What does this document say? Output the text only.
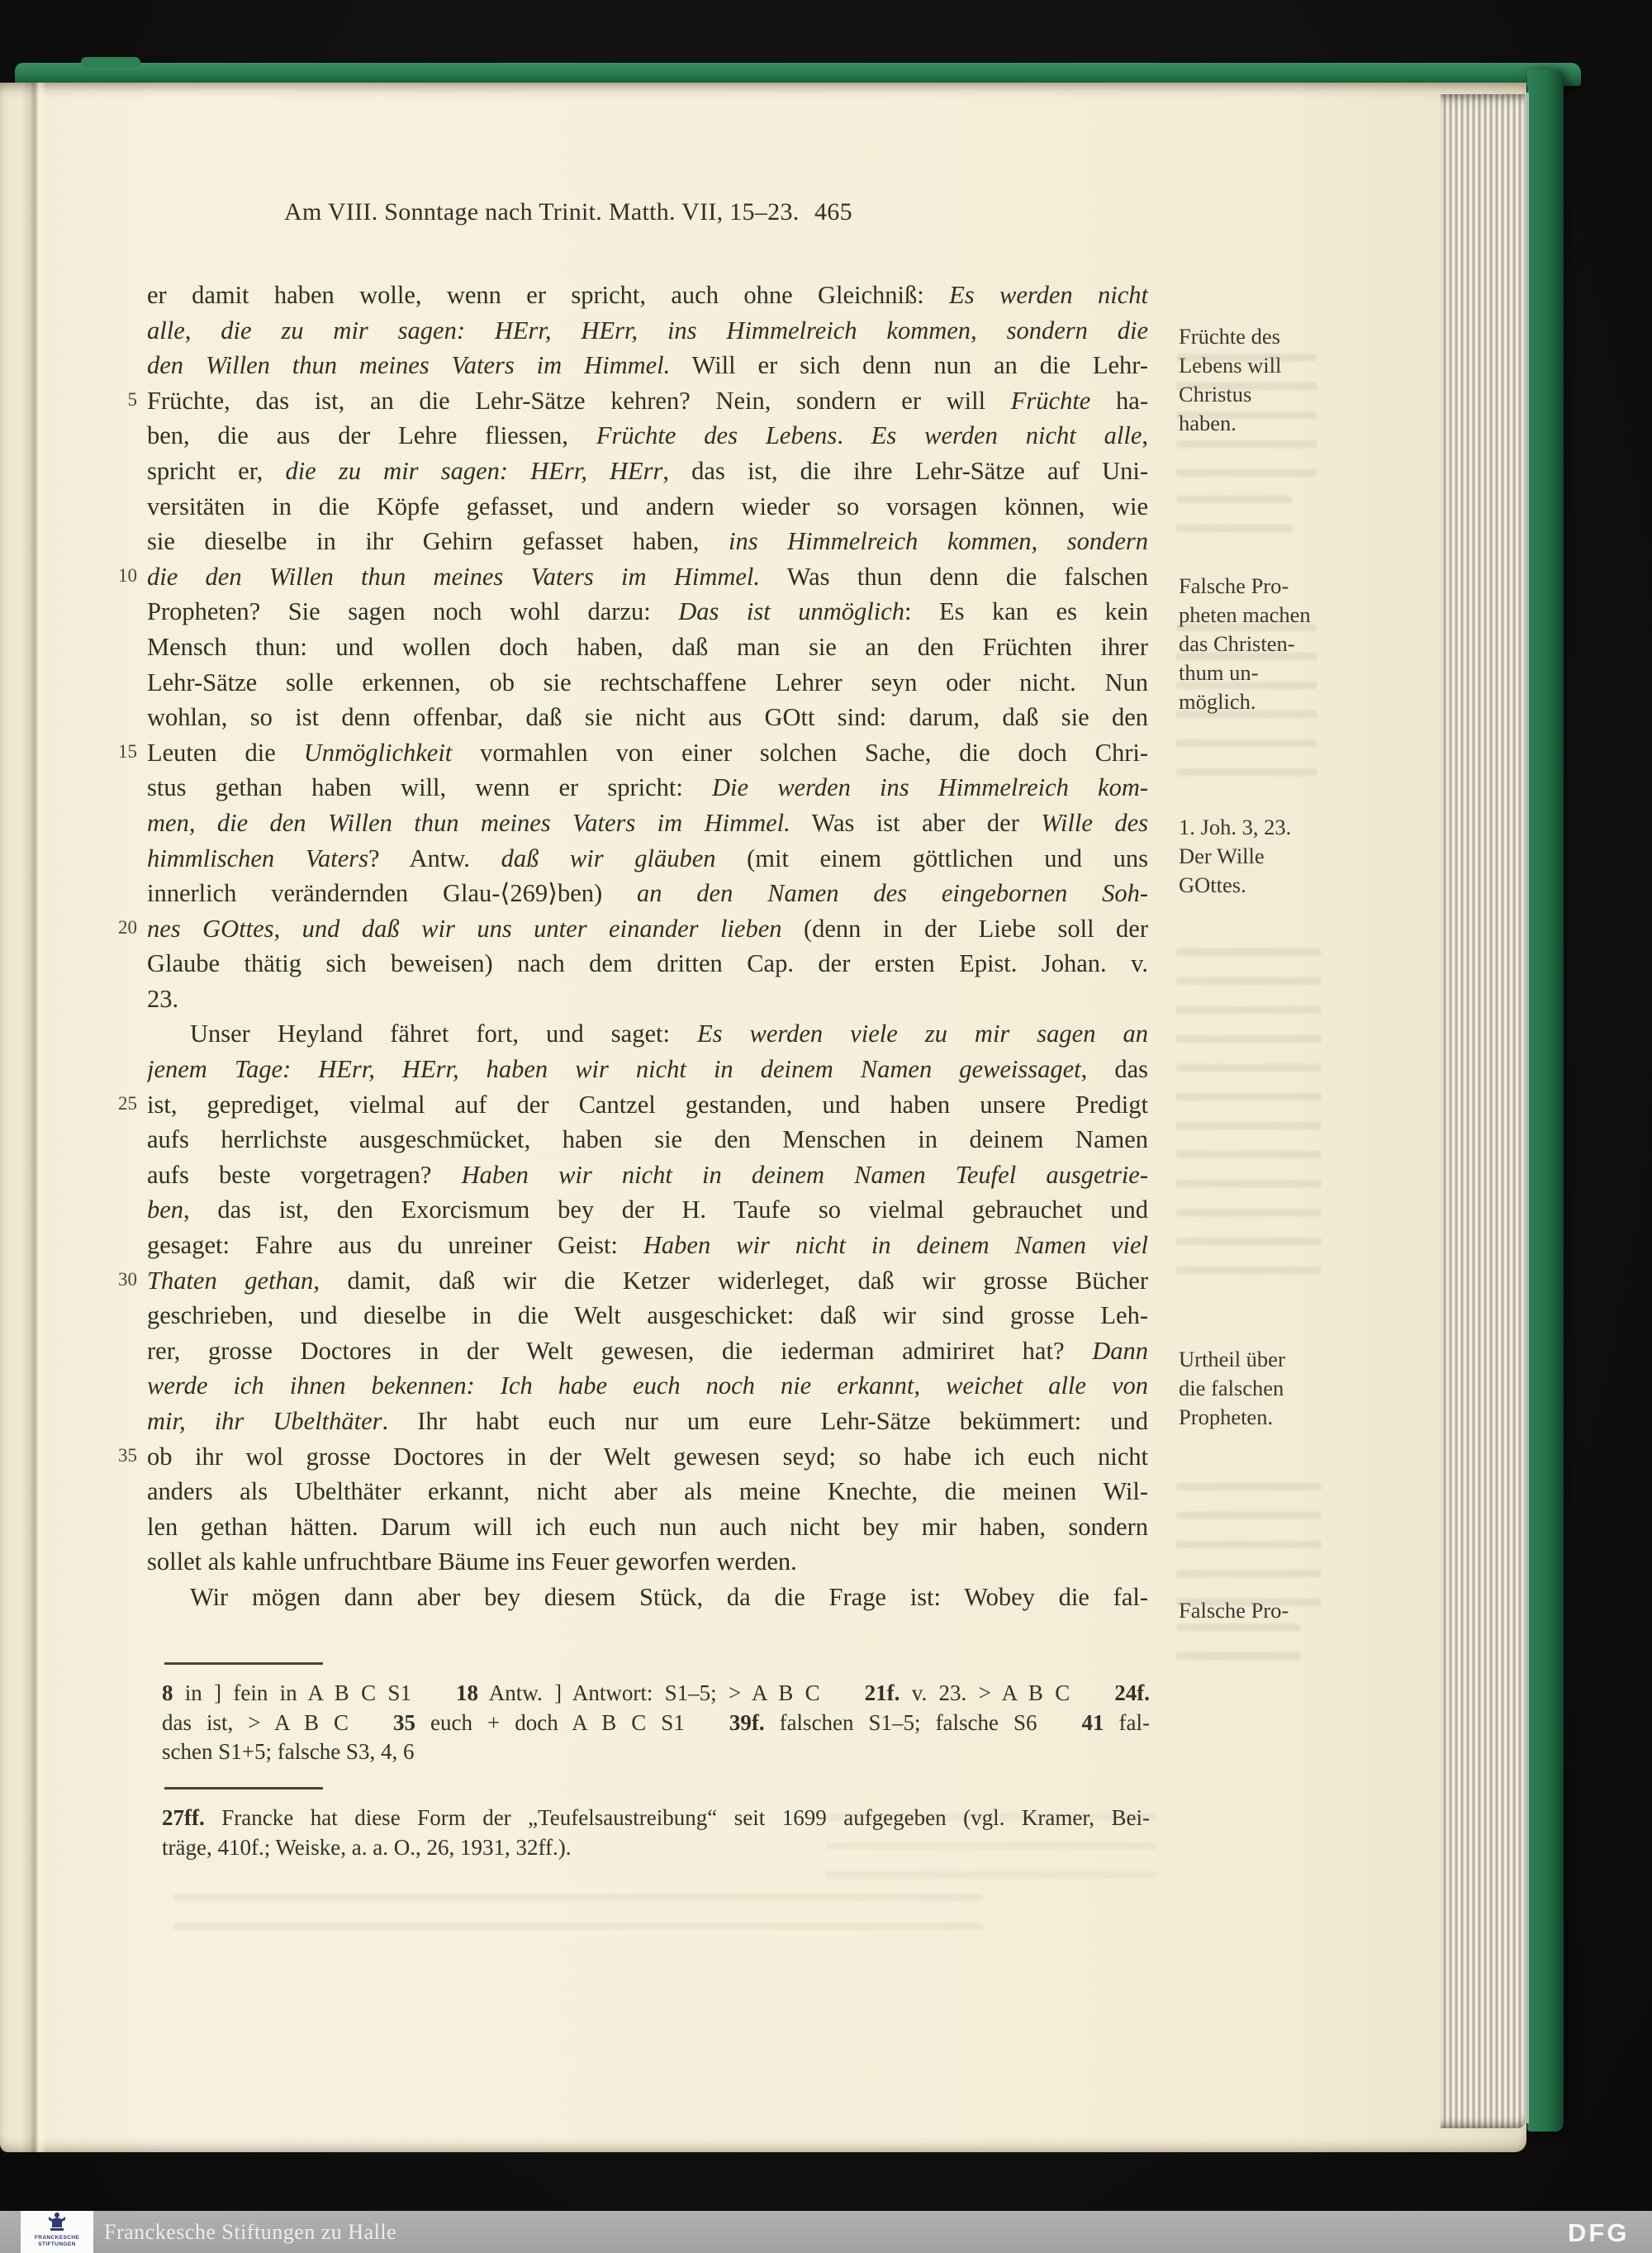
Am VIII. Sonntage nach Trinit. Matth. VII, 15–23. 465
5
10
15
20
25
30
35
er damit haben wolle, wenn er spricht, auch ohne Gleichniß: Es werden nicht
alle, die zu mir sagen: HErr, HErr, ins Himmelreich kommen, sondern die
den Willen thun meines Vaters im Himmel. Will er sich denn nun an die Lehr-
Früchte, das ist, an die Lehr-Sätze kehren? Nein, sondern er will Früchte ha-
ben, die aus der Lehre fliessen, Früchte des Lebens. Es werden nicht alle,
spricht er, die zu mir sagen: HErr, HErr, das ist, die ihre Lehr-Sätze auf Uni-
versitäten in die Köpfe gefasset, und andern wieder so vorsagen können, wie
sie dieselbe in ihr Gehirn gefasset haben, ins Himmelreich kommen, sondern
die den Willen thun meines Vaters im Himmel. Was thun denn die falschen
Propheten? Sie sagen noch wohl darzu: Das ist unmöglich: Es kan es kein
Mensch thun: und wollen doch haben, daß man sie an den Früchten ihrer
Lehr-Sätze solle erkennen, ob sie rechtschaffene Lehrer seyn oder nicht. Nun
wohlan, so ist denn offenbar, daß sie nicht aus GOtt sind: darum, daß sie den
Leuten die Unmöglichkeit vormahlen von einer solchen Sache, die doch Chri-
stus gethan haben will, wenn er spricht: Die werden ins Himmelreich kom-
men, die den Willen thun meines Vaters im Himmel. Was ist aber der Wille des
himmlischen Vaters? Antw. daß wir gläuben (mit einem göttlichen und uns
innerlich verändernden Glau-⟨269⟩ben) an den Namen des eingebornen Soh-
nes GOttes, und daß wir uns unter einander lieben (denn in der Liebe soll der
Glaube thätig sich beweisen) nach dem dritten Cap. der ersten Epist. Johan. v.
23.
Unser Heyland fähret fort, und saget: Es werden viele zu mir sagen an
jenem Tage: HErr, HErr, haben wir nicht in deinem Namen geweissaget, das
ist, geprediget, vielmal auf der Cantzel gestanden, und haben unsere Predigt
aufs herrlichste ausgeschmücket, haben sie den Menschen in deinem Namen
aufs beste vorgetragen? Haben wir nicht in deinem Namen Teufel ausgetrie-
ben, das ist, den Exorcismum bey der H. Taufe so vielmal gebrauchet und
gesaget: Fahre aus du unreiner Geist: Haben wir nicht in deinem Namen viel
Thaten gethan, damit, daß wir die Ketzer widerleget, daß wir grosse Bücher
geschrieben, und dieselbe in die Welt ausgeschicket: daß wir sind grosse Leh-
rer, grosse Doctores in der Welt gewesen, die iederman admiriret hat? Dann
werde ich ihnen bekennen: Ich habe euch noch nie erkannt, weichet alle von
mir, ihr Ubelthäter. Ihr habt euch nur um eure Lehr-Sätze bekümmert: und
ob ihr wol grosse Doctores in der Welt gewesen seyd; so habe ich euch nicht
anders als Ubelthäter erkannt, nicht aber als meine Knechte, die meinen Wil-
len gethan hätten. Darum will ich euch nun auch nicht bey mir haben, sondern
sollet als kahle unfruchtbare Bäume ins Feuer geworfen werden.
Wir mögen dann aber bey diesem Stück, da die Frage ist: Wobey die fal-
Früchte des
Lebens will
Christus
haben.
Falsche Pro-
pheten machen
das Christen-
thum un-
möglich.
1. Joh. 3, 23.
Der Wille
GOttes.
Urtheil über
die falschen
Propheten.
Falsche Pro-
8 in ] fein in A B C S1   18 Antw. ] Antwort: S1–5; > A B C   21f. v. 23. > A B C   24f.
das ist, > A B C   35 euch + doch A B C S1   39f. falschen S1–5; falsche S6   41 fal-
schen S1+5; falsche S3, 4, 6
27ff. Francke hat diese Form der „Teufelsaustreibung“ seit 1699 aufgegeben (vgl. Kramer, Bei-
träge, 410f.; Weiske, a. a. O., 26, 1931, 32ff.).
FRANCKESCHE
STIFTUNGEN Franckesche Stiftungen zu Halle	DFG
